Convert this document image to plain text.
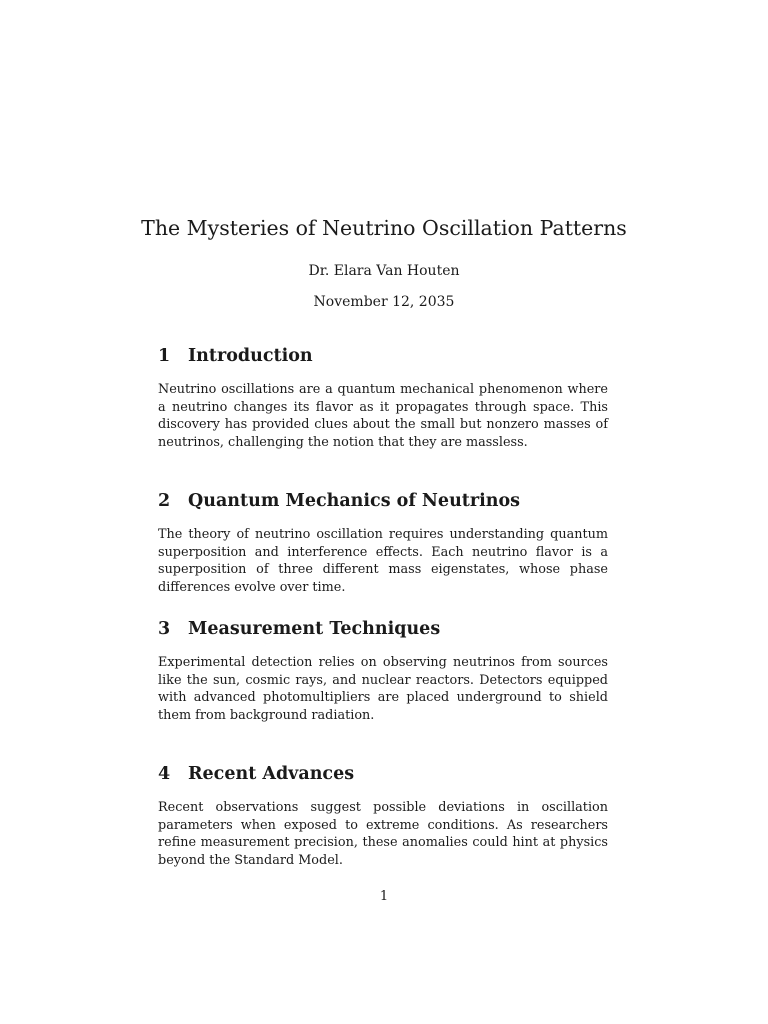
The Mysteries of Neutrino Oscillation Patterns
Dr. Elara Van Houten
November 12, 2035
1 Introduction

Neutrino oscillations are a quantum mechanical phenomenon where a neutrino changes its flavor as it propagates through space. This discovery has provided clues about the small but nonzero masses of neutrinos, challenging the notion that they are massless.

2 Quantum Mechanics of Neutrinos

The theory of neutrino oscillation requires understanding quantum superposition and interference effects. Each neutrino flavor is a superposition of three different mass eigenstates, whose phase differences evolve over time.

3 Measurement Techniques

Experimental detection relies on observing neutrinos from sources like the sun, cosmic rays, and nuclear reactors. Detectors equipped with advanced photomultipliers are placed underground to shield them from background radiation.

4 Recent Advances

Recent observations suggest possible deviations in oscillation parameters when exposed to extreme conditions. As researchers refine measurement precision, these anomalies could hint at physics beyond the Standard Model.

1
